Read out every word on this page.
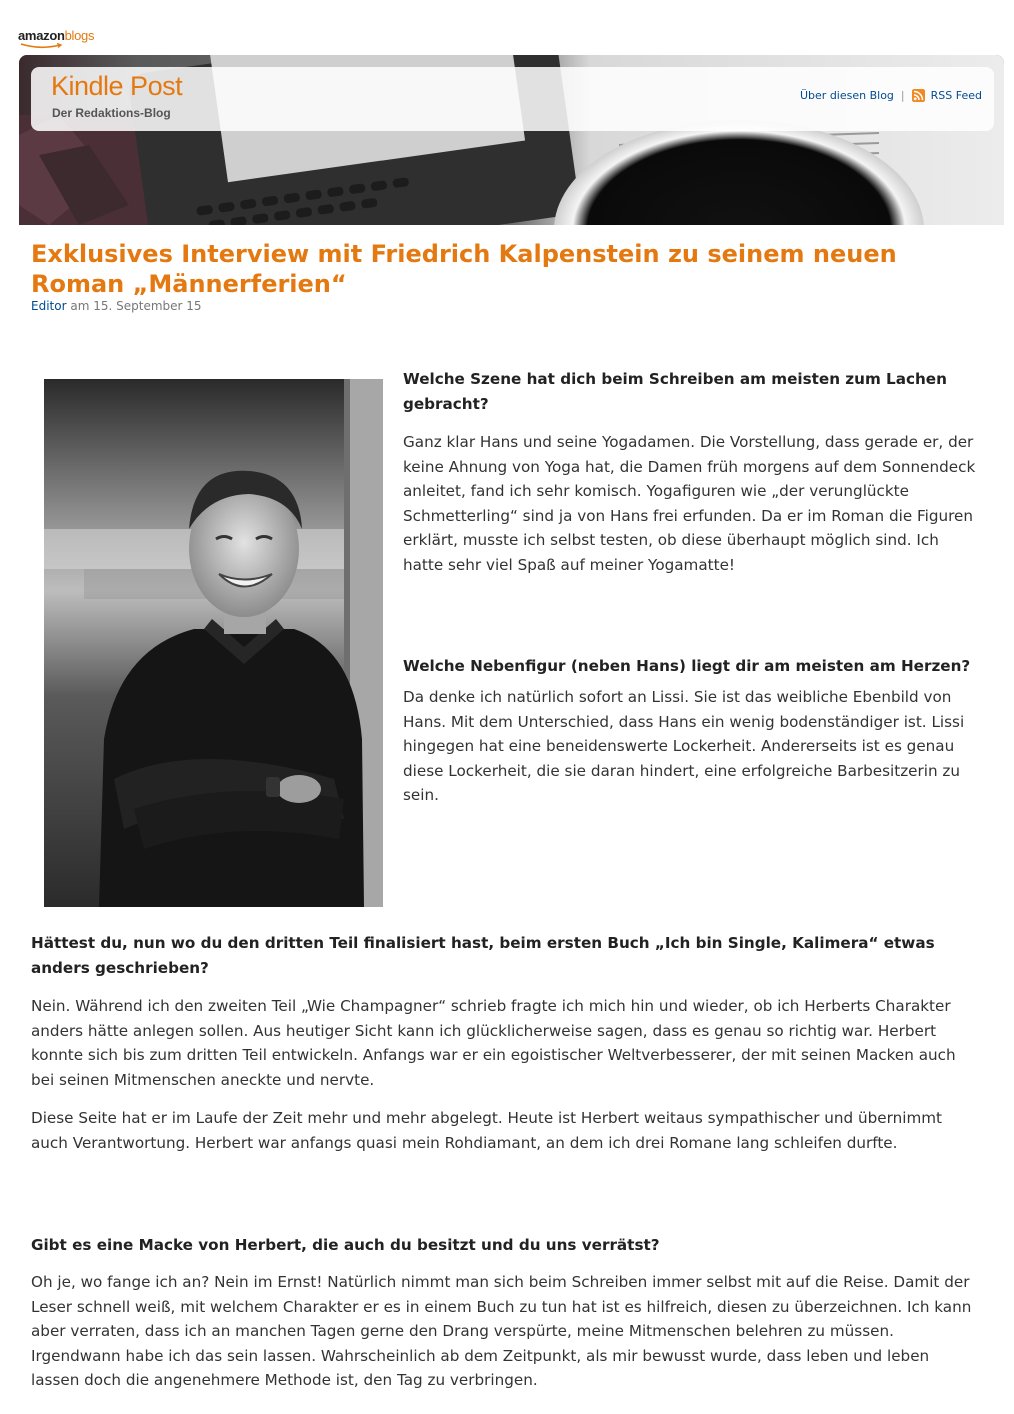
amazonblogs
Kindle Post
Der Redaktions-Blog
Über diesen Blog | RSS Feed
Exklusives Interview mit Friedrich Kalpenstein zu seinem neuen Roman „Männerferien“
Editor am 15. September 15

Welche Szene hat dich beim Schreiben am meisten zum Lachen gebracht?

Ganz klar Hans und seine Yogadamen. Die Vorstellung, dass gerade er, der keine Ahnung von Yoga hat, die Damen früh morgens auf dem Sonnendeck anleitet, fand ich sehr komisch. Yogafiguren wie „der verunglückte Schmetterling“ sind ja von Hans frei erfunden. Da er im Roman die Figuren erklärt, musste ich selbst testen, ob diese überhaupt möglich sind. Ich hatte sehr viel Spaß auf meiner Yogamatte!

Welche Nebenfigur (neben Hans) liegt dir am meisten am Herzen?

Da denke ich natürlich sofort an Lissi. Sie ist das weibliche Ebenbild von Hans. Mit dem Unterschied, dass Hans ein wenig bodenständiger ist. Lissi hingegen hat eine beneidenswerte Lockerheit. Andererseits ist es genau diese Lockerheit, die sie daran hindert, eine erfolgreiche Barbesitzerin zu sein.

Hättest du, nun wo du den dritten Teil finalisiert hast, beim ersten Buch „Ich bin Single, Kalimera“ etwas anders geschrieben?

Nein. Während ich den zweiten Teil „Wie Champagner“ schrieb fragte ich mich hin und wieder, ob ich Herberts Charakter anders hätte anlegen sollen. Aus heutiger Sicht kann ich glücklicherweise sagen, dass es genau so richtig war. Herbert konnte sich bis zum dritten Teil entwickeln. Anfangs war er ein egoistischer Weltverbesserer, der mit seinen Macken auch bei seinen Mitmenschen aneckte und nervte.

Diese Seite hat er im Laufe der Zeit mehr und mehr abgelegt. Heute ist Herbert weitaus sympathischer und übernimmt auch Verantwortung. Herbert war anfangs quasi mein Rohdiamant, an dem ich drei Romane lang schleifen durfte.

Gibt es eine Macke von Herbert, die auch du besitzt und du uns verrätst?

Oh je, wo fange ich an? Nein im Ernst! Natürlich nimmt man sich beim Schreiben immer selbst mit auf die Reise. Damit der Leser schnell weiß, mit welchem Charakter er es in einem Buch zu tun hat ist es hilfreich, diesen zu überzeichnen. Ich kann aber verraten, dass ich an manchen Tagen gerne den Drang verspürte, meine Mitmenschen belehren zu müssen. Irgendwann habe ich das sein lassen. Wahrscheinlich ab dem Zeitpunkt, als mir bewusst wurde, dass leben und leben lassen doch die angenehmere Methode ist, den Tag zu verbringen.
